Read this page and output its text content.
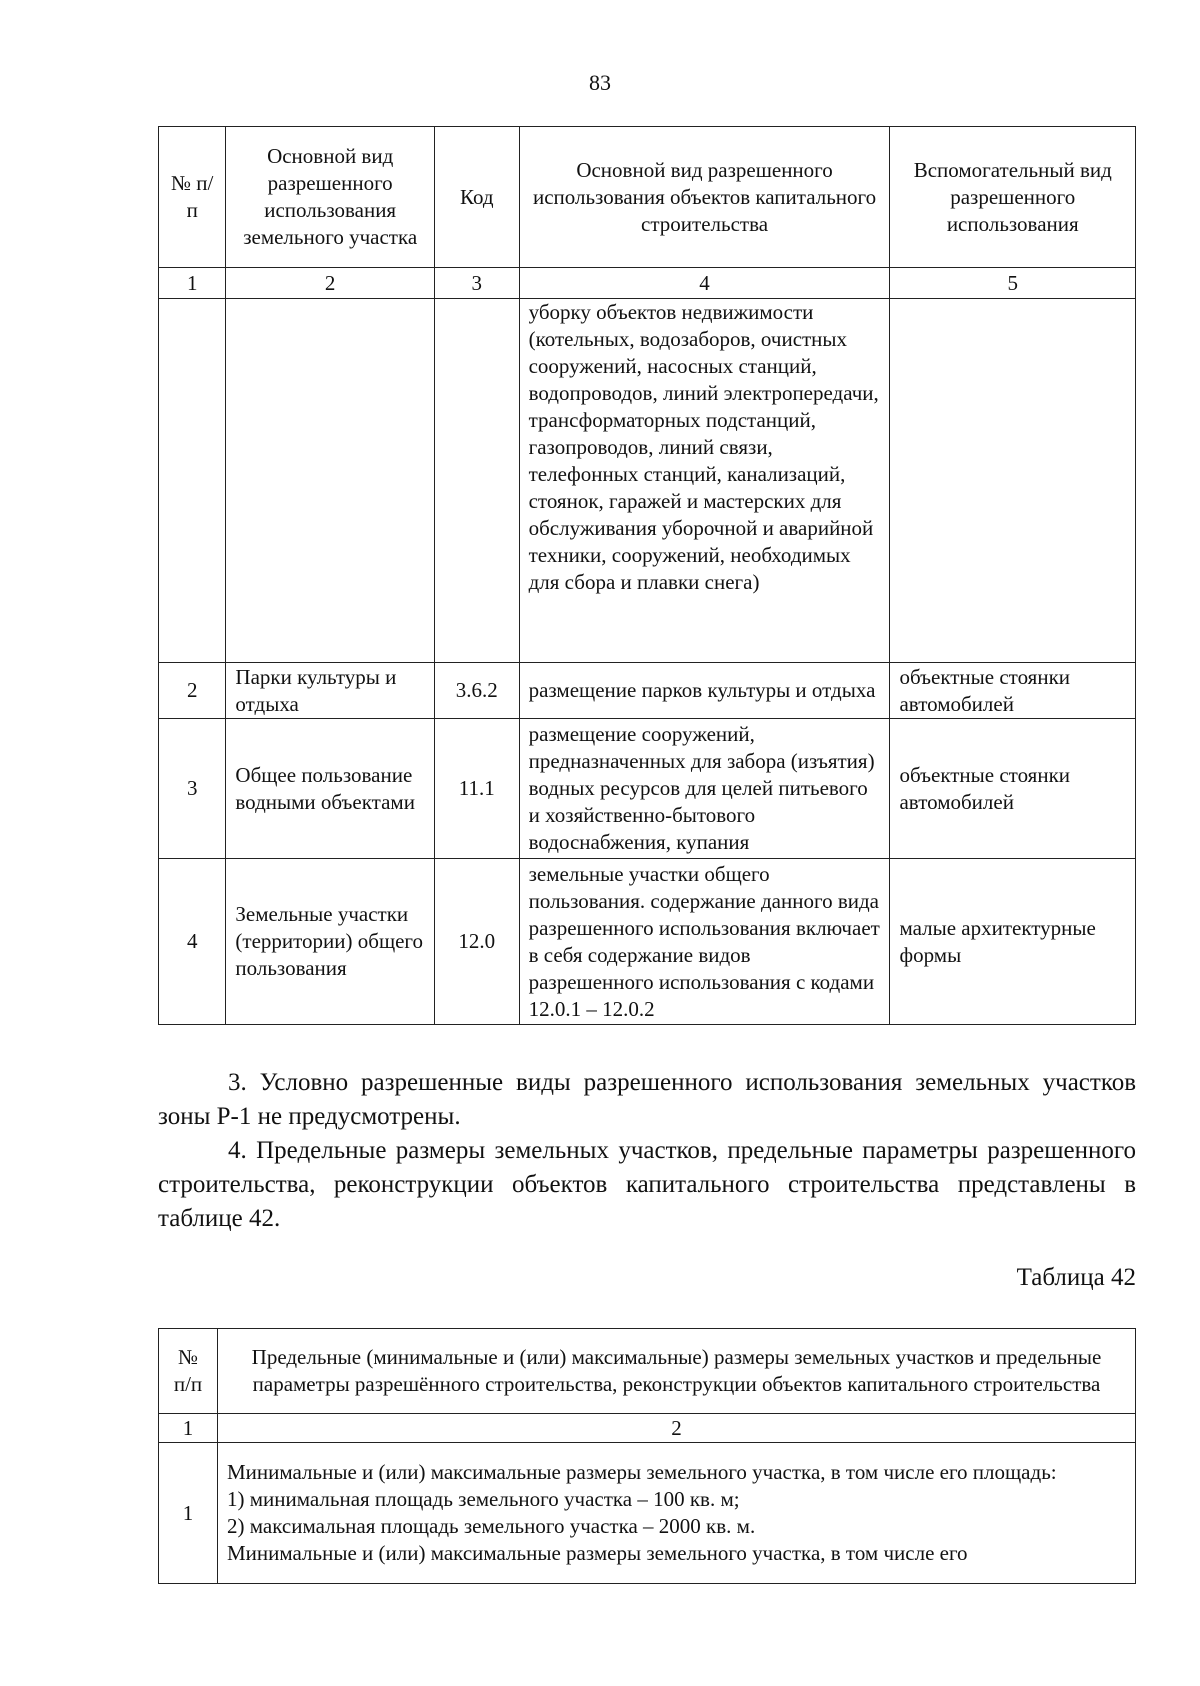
83
№ п/п	Основной вид разрешенного использования земельного участка	Код	Основной вид разрешенного использования объектов капитального строительства	Вспомогательный вид разрешенного использования
1	2	3	4	5
			уборку объектов недвижимости (котельных, водозаборов, очистных сооружений, насосных станций, водопроводов, линий электропередачи, трансформаторных подстанций, газопроводов, линий связи, телефонных станций, канализаций, стоянок, гаражей и мастерских для обслуживания уборочной и аварийной техники, сооружений, необходимых для сбора и плавки снега)	
2	Парки культуры и отдыха	3.6.2	размещение парков культуры и отдыха	объектные стоянки автомобилей
3	Общее пользование водными объектами	11.1	размещение сооружений, предназначенных для забора (изъятия) водных ресурсов для целей питьевого и хозяйственно-бытового водоснабжения, купания	объектные стоянки автомобилей
4	Земельные участки (территории) общего пользования	12.0	земельные участки общего пользования. содержание данного вида разрешенного использования включает в себя содержание видов разрешенного использования с кодами 12.0.1 – 12.0.2	малые архитектурные формы

3. Условно разрешенные виды разрешенного использования земельных участков зоны Р-1 не предусмотрены.

4. Предельные размеры земельных участков, предельные параметры разрешенного строительства, реконструкции объектов капитального строительства представлены в таблице 42.

Таблица 42
№ п/п	Предельные (минимальные и (или) максимальные) размеры земельных участков и предельные параметры разрешённого строительства, реконструкции объектов капитального строительства
1	2
1	Минимальные и (или) максимальные размеры земельного участка, в том числе его площадь:
1) минимальная площадь земельного участка – 100 кв. м;
2) максимальная площадь земельного участка – 2000 кв. м.
Минимальные и (или) максимальные размеры земельного участка, в том числе его
